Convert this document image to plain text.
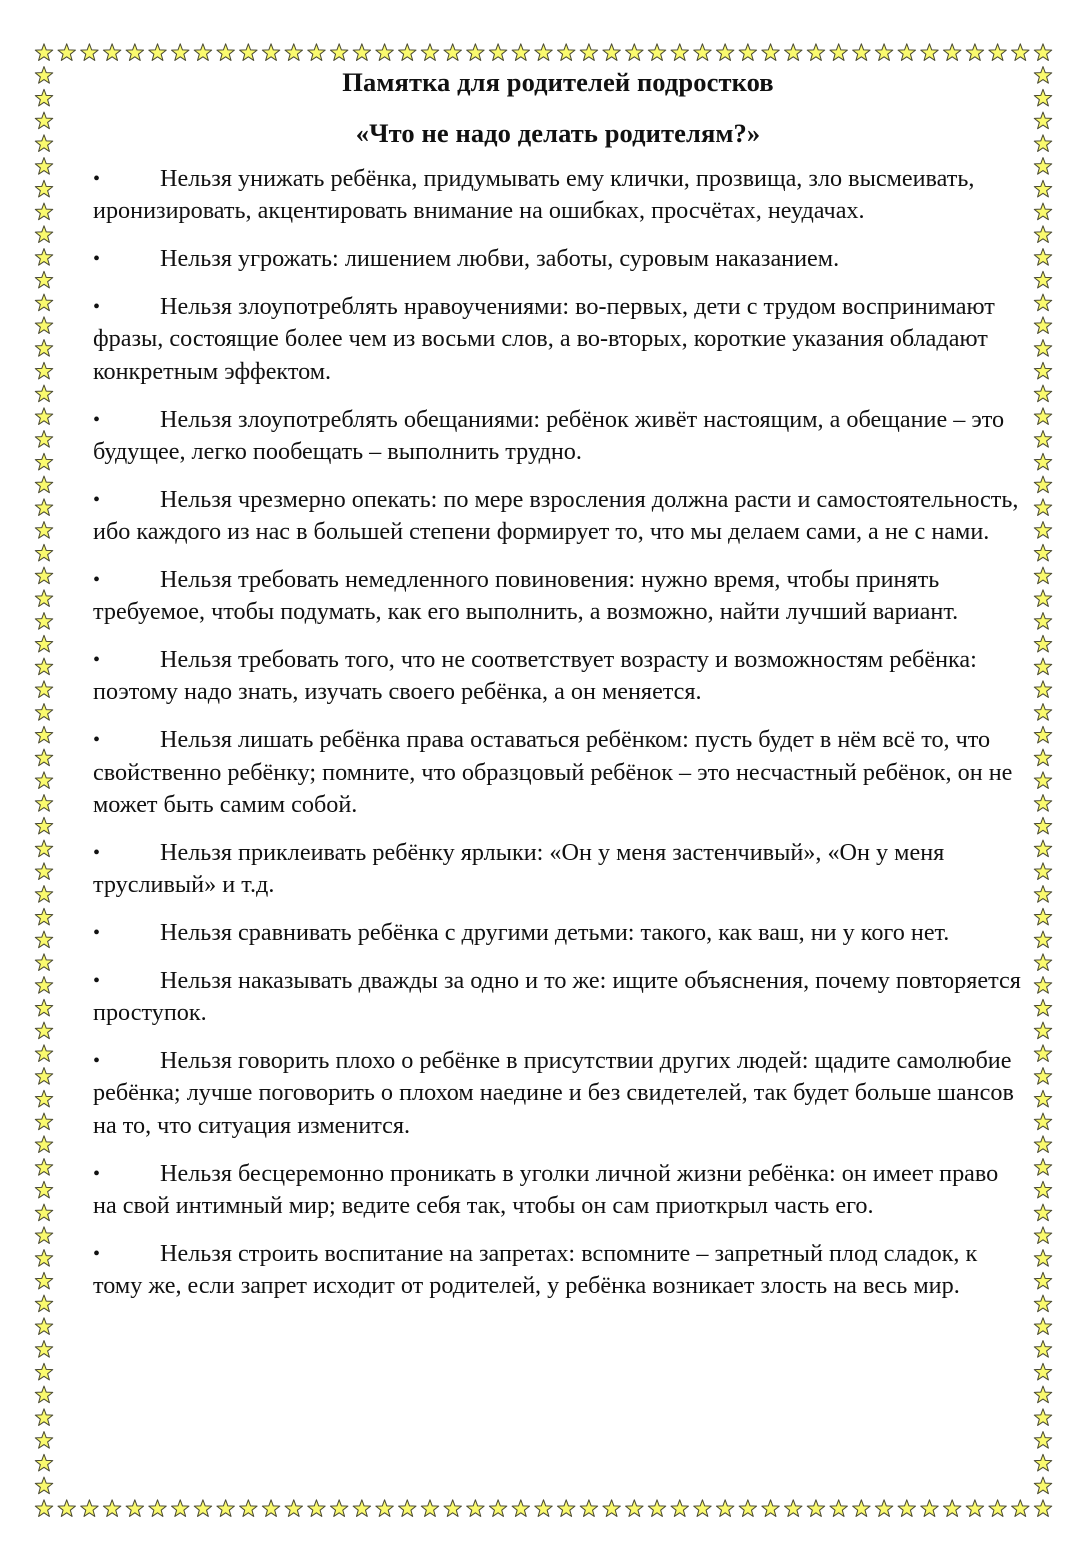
Памятка для родителей подростков
«Что не надо делать родителям?»
• Нельзя унижать ребёнка, придумывать ему клички, прозвища, зло высмеивать, иронизировать, акцентировать внимание на ошибках, просчётах, неудачах.
• Нельзя угрожать: лишением любви, заботы, суровым наказанием.
• Нельзя злоупотреблять нравоучениями: во-первых, дети с трудом воспринимают фразы, состоящие более чем из восьми слов, а во-вторых, короткие указания обладают конкретным эффектом.
• Нельзя злоупотреблять обещаниями: ребёнок живёт настоящим, а обещание – это будущее, легко пообещать – выполнить трудно.
• Нельзя чрезмерно опекать: по мере взросления должна расти и самостоятельность, ибо каждого из нас в большей степени формирует то, что мы делаем сами, а не с нами.
• Нельзя требовать немедленного повиновения: нужно время, чтобы принять требуемое, чтобы подумать, как его выполнить, а возможно, найти лучший вариант.
• Нельзя требовать того, что не соответствует возрасту и возможностям ребёнка: поэтому надо знать, изучать своего ребёнка, а он меняется.
• Нельзя лишать ребёнка права оставаться ребёнком: пусть будет в нём всё то, что свойственно ребёнку; помните, что образцовый ребёнок – это несчастный ребёнок, он не может быть самим собой.
• Нельзя приклеивать ребёнку ярлыки: «Он у меня застенчивый», «Он у меня трусливый» и т.д.
• Нельзя сравнивать ребёнка с другими детьми: такого, как ваш, ни у кого нет.
• Нельзя наказывать дважды за одно и то же: ищите объяснения, почему повторяется проступок.
• Нельзя говорить плохо о ребёнке в присутствии других людей: щадите самолюбие ребёнка; лучше поговорить о плохом наедине и без свидетелей, так будет больше шансов на то, что ситуация изменится.
• Нельзя бесцеремонно проникать в уголки личной жизни ребёнка: он имеет право на свой интимный мир; ведите себя так, чтобы он сам приоткрыл часть его.
• Нельзя строить воспитание на запретах: вспомните – запретный плод сладок, к тому же, если запрет исходит от родителей, у ребёнка возникает злость на весь мир.
